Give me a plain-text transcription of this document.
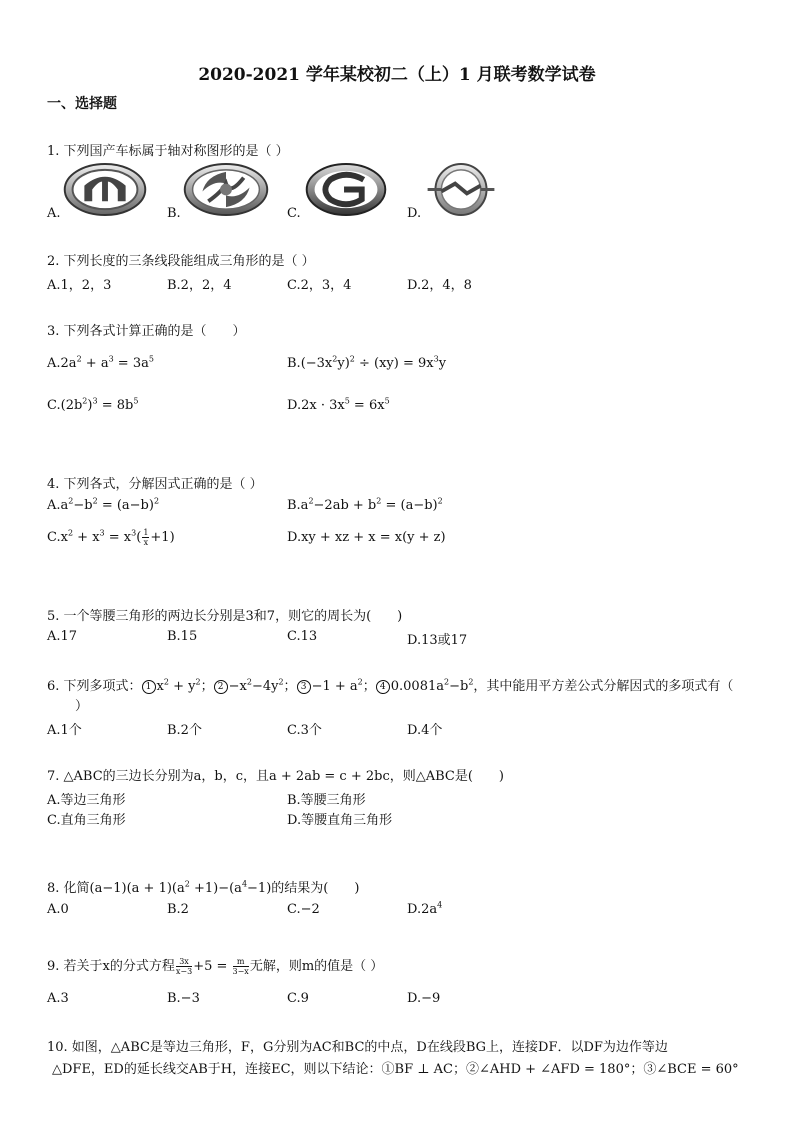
2020-2021 学年某校初二（上）1 月联考数学试卷
一、选择题
1. 下列国产车标属于轴对称图形的是（ ）
A.	B.	C.	D.
2. 下列长度的三条线段能组成三角形的是（ ）
A.1，2，3	B.2，2，4	C.2，3，4	D.2，4，8
3. 下列各式计算正确的是（　　）
$A.2a^2 + a^3 = 3a^5$	$B.(-3x^2y)^2 \div (xy) = 9x^3y$
$C.(2b^2)^3 = 8b^5$	$D.2x \cdot 3x^5 = 6x^5$
4. 下列各式，分解因式正确的是（ ）
$A.a^2-b^2 = (a-b)^2$	$B.a^2-2ab + b^2 = (a-b)^2$
$C.x^2 + x^3 = x^3( \frac{1}{x} +1)$	D.xy + xz + x = x(y + z)
5. 一个等腰三角形的两边长分别是3和7，则它的周长为(　　)
A.17	B.15	C.13	D.13或17
6. 下列多项式： 1 $x^2 + y^2$； $2 -x^2-4y^2$； $3 -1 + a^2$； 4 $0.0081a^2-b^2$，其中能用平方差公式分解因式的多项式有（
）
A.1个	B.2个	C.3个	D.4个
7. △ABC的三边长分别为a，b，c，且a + 2ab = c + 2bc，则△ABC是(　　)
A.等边三角形	B.等腰三角形
C.直角三角形	D.等腰直角三角形
8. 化简$(a-1)(a + 1)(a^2 +1)-(a^4-1)$的结果为(　　)
A.0	B.2	C.−2	$D.2a^4$
9. 若关于x的分式方程 $\frac{3x}{x-3} +5 = \frac{m}{3-x}$ 无解，则m的值是（ ）
A.3	B.−3	C.9	D.−9
10. 如图，△ABC是等边三角形，F，G分别为AC和BC的中点，D在线段BG上，连接DF．以DF为边作等边
△DFE，ED的延长线交AB于H，连接EC，则以下结论：①BF ⊥ AC；②∠AHD + ∠AFD = 180°；③∠BCE = 60°
